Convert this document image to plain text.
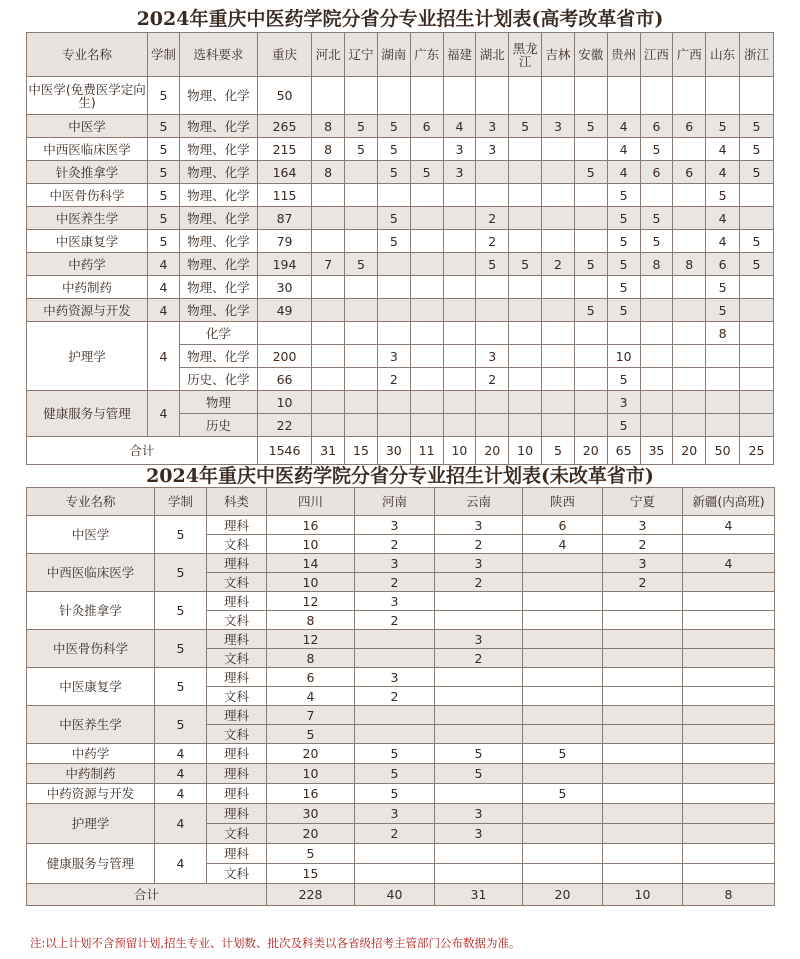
2024年重庆中医药学院分省分专业招生计划表(高考改革省市)
专业名称	学制	选科要求	重庆	河北	辽宁	湖南	广东	福建	湖北	黑龙江	吉林	安徽	贵州	江西	广西	山东	浙江
中医学(免费医学定向生)	5	物理、化学	50														
中医学	5	物理、化学	265	8	5	5	6	4	3	5	3	5	4	6	6	5	5
中西医临床医学	5	物理、化学	215	8	5	5		3	3				4	5		4	5
针灸推拿学	5	物理、化学	164	8		5	5	3				5	4	6	6	4	5
中医骨伤科学	5	物理、化学	115										5			5	
中医养生学	5	物理、化学	87			5			2				5	5		4	
中医康复学	5	物理、化学	79			5			2				5	5		4	5
中药学	4	物理、化学	194	7	5				5	5	2	5	5	8	8	6	5
中药制药	4	物理、化学	30										5			5	
中药资源与开发	4	物理、化学	49									5	5			5	
护理学	4	化学														8	
		物理、化学	200			3			3				10				
		历史、化学	66			2			2				5				
健康服务与管理	4	物理	10										3				
		历史	22										5				
合计			1546	31	15	30	11	10	20	10	5	20	65	35	20	50	25
2024年重庆中医药学院分省分专业招生计划表(未改革省市)
专业名称	学制	科类	四川	河南	云南	陕西	宁夏	新疆(内高班)
中医学	5	理科	16	3	3	6	3	4
		文科	10	2	2	4	2	
中西医临床医学	5	理科	14	3	3		3	4
		文科	10	2	2		2	
针灸推拿学	5	理科	12	3				
		文科	8	2				
中医骨伤科学	5	理科	12		3			
		文科	8		2			
中医康复学	5	理科	6	3				
		文科	4	2				
中医养生学	5	理科	7					
		文科	5					
中药学	4	理科	20	5	5	5		
中药制药	4	理科	10	5	5			
中药资源与开发	4	理科	16	5		5		
护理学	4	理科	30	3	3			
		文科	20	2	3			
健康服务与管理	4	理科	5					
		文科	15					
合计			228	40	31	20	10	8
注:以上计划不含预留计划,招生专业、计划数、批次及科类以各省级招考主管部门公布数据为准。
